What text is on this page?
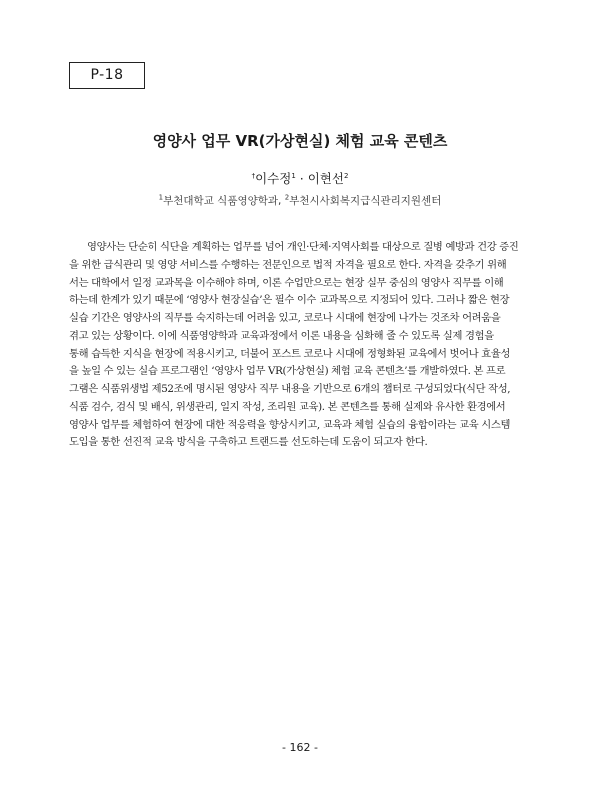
P-18
영양사 업무 VR(가상현실) 체험 교육 콘텐츠
†이수정$^1$ · 이현선$^2$
$^1$부천대학교 식품영양학과, $^2$부천시사회복지급식관리지원센터
영양사는 단순히 식단을 계획하는 업무를 넘어 개인·단체·지역사회를 대상으로 질병 예방과 건강 증진
을 위한 급식관리 및 영양 서비스를 수행하는 전문인으로 법적 자격을 필요로 한다. 자격을 갖추기 위해
서는 대학에서 일정 교과목을 이수해야 하며, 이론 수업만으로는 현장 실무 중심의 영양사 직무를 이해
하는데 한계가 있기 때문에 ‘영양사 현장실습’은 필수 이수 교과목으로 지정되어 있다. 그러나 짧은 현장
실습 기간은 영양사의 직무를 숙지하는데 어려움 있고, 코로나 시대에 현장에 나가는 것조차 어려움을
겪고 있는 상황이다. 이에 식품영양학과 교육과정에서 이론 내용을 심화해 줄 수 있도록 실제 경험을
통해 습득한 지식을 현장에 적용시키고, 더불어 포스트 코로나 시대에 정형화된 교육에서 벗어나 효율성
을 높일 수 있는 실습 프로그램인 ‘영양사 업무 VR(가상현실) 체험 교육 콘텐츠’를 개발하였다. 본 프로
그램은 식품위생법 제52조에 명시된 영양사 직무 내용을 기반으로 6개의 챕터로 구성되었다(식단 작성,
식품 검수, 검식 및 배식, 위생관리, 일지 작성, 조리원 교육). 본 콘텐츠를 통해 실제와 유사한 환경에서
영양사 업무를 체험하여 현장에 대한 적응력을 향상시키고, 교육과 체험 실습의 융합이라는 교육 시스템
도입을 통한 선진적 교육 방식을 구축하고 트랜드를 선도하는데 도움이 되고자 한다.
- 162 -
